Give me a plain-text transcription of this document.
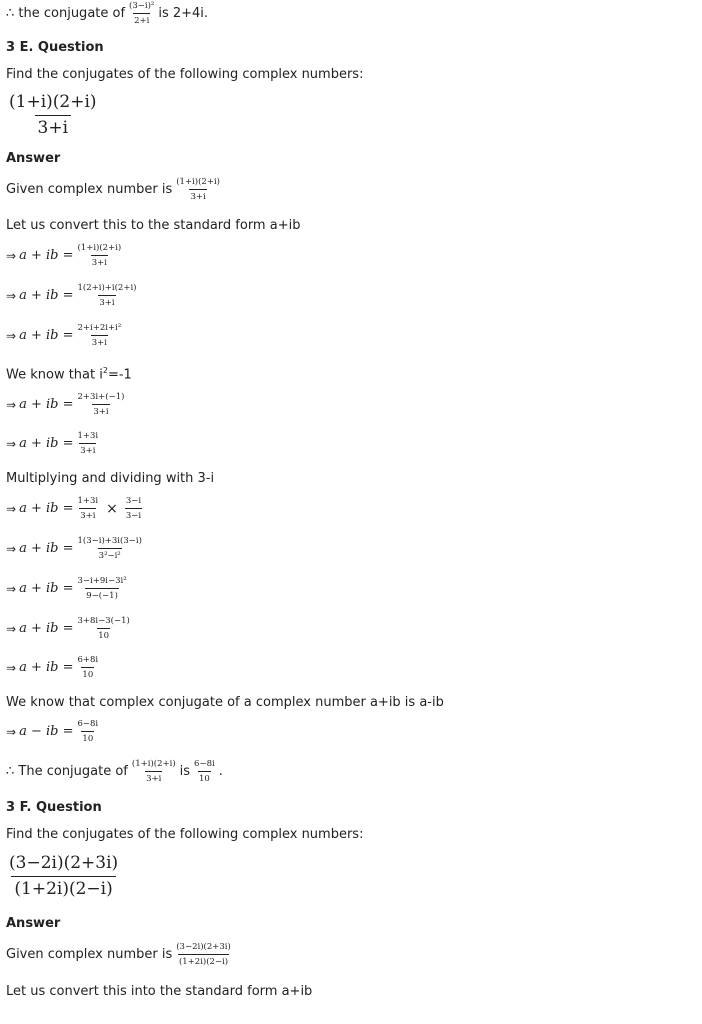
∴ the conjugate of $\frac{\text{(3−i)²}}{2+i}$ is 2+4i.
3 E. Question
Find the conjugates of the following complex numbers:
$\frac{(1+i)(2+i)}{3+i}$
Answer
Given complex number is $\frac{(1+i)(2+i)}{3+i}$
Let us convert this to the standard form a+ib
⇒ a + ib = $\frac{(1+i)(2+i)}{3+i}$
⇒ a + ib = $\frac{1(2+i)+i(2+i)}{3+i}$
⇒ a + ib = $\frac{\text{2+i+2i+i²}}{3+i}$
We know that $i^2=-1$
⇒ a + ib = $\frac{2+3i+(-1)}{3+i}$
⇒ a + ib = $\frac{1+3i}{3+i}$
Multiplying and dividing with 3-i
⇒ a + ib = $\frac{1+3i}{3+i} \times \frac{3-i}{3-i}$
⇒ a + ib = $\frac{1(3-i)+3i(3-i)}{\text{3²−i²}}$
⇒ a + ib = $\frac{\text{3−i+9i−3i²}}{9-(-1)}$
⇒ a + ib = $\frac{3+8i-3(-1)}{10}$
⇒ a + ib = $\frac{6+8i}{10}$
We know that complex conjugate of a complex number a+ib is a-ib
⇒ a − ib = $\frac{6-8i}{10}$
∴ The conjugate of $\frac{(1+i)(2+i)}{3+i}$ is $\frac{6-8i}{10}$ .
3 F. Question
Find the conjugates of the following complex numbers:
$\frac{(3-2i)(2+3i)}{(1+2i)(2-i)}$
Answer
Given complex number is $\frac{(3-2i)(2+3i)}{(1+2i)(2-i)}$
Let us convert this into the standard form a+ib
